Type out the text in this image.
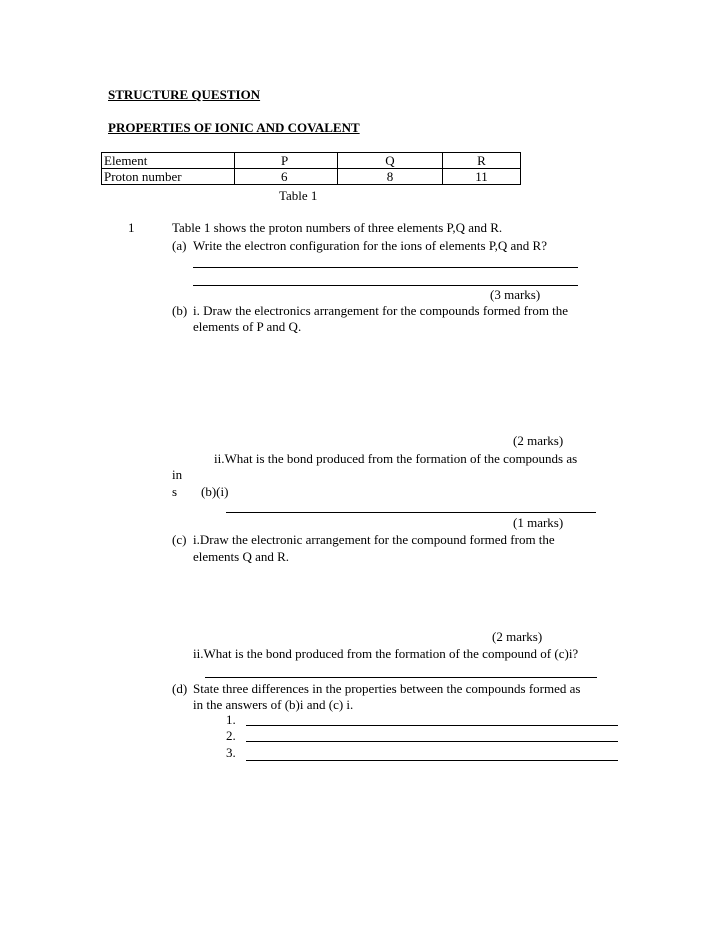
STRUCTURE QUESTION
PROPERTIES OF IONIC AND COVALENT
Element	P	Q	R
Proton number	6	8	11
Table 1
1	Table 1 shows the proton numbers of three elements P,Q and R.
(a) Write the electron configuration for the ions of elements P,Q and R?
(3 marks)
(b) i. Draw the electronics arrangement for the compounds formed from the
elements of P and Q.
(2 marks)
ii.What is the bond produced from the formation of the compounds as
in
s (b)(i)
(1 marks)
(c) i.Draw the electronic arrangement for the compound formed from the
elements Q and R.
(2 marks)
ii.What is the bond produced from the formation of the compound of (c)i?
(d) State three differences in the properties between the compounds formed as
in the answers of (b)i and (c) i.
1.
2.
3.
